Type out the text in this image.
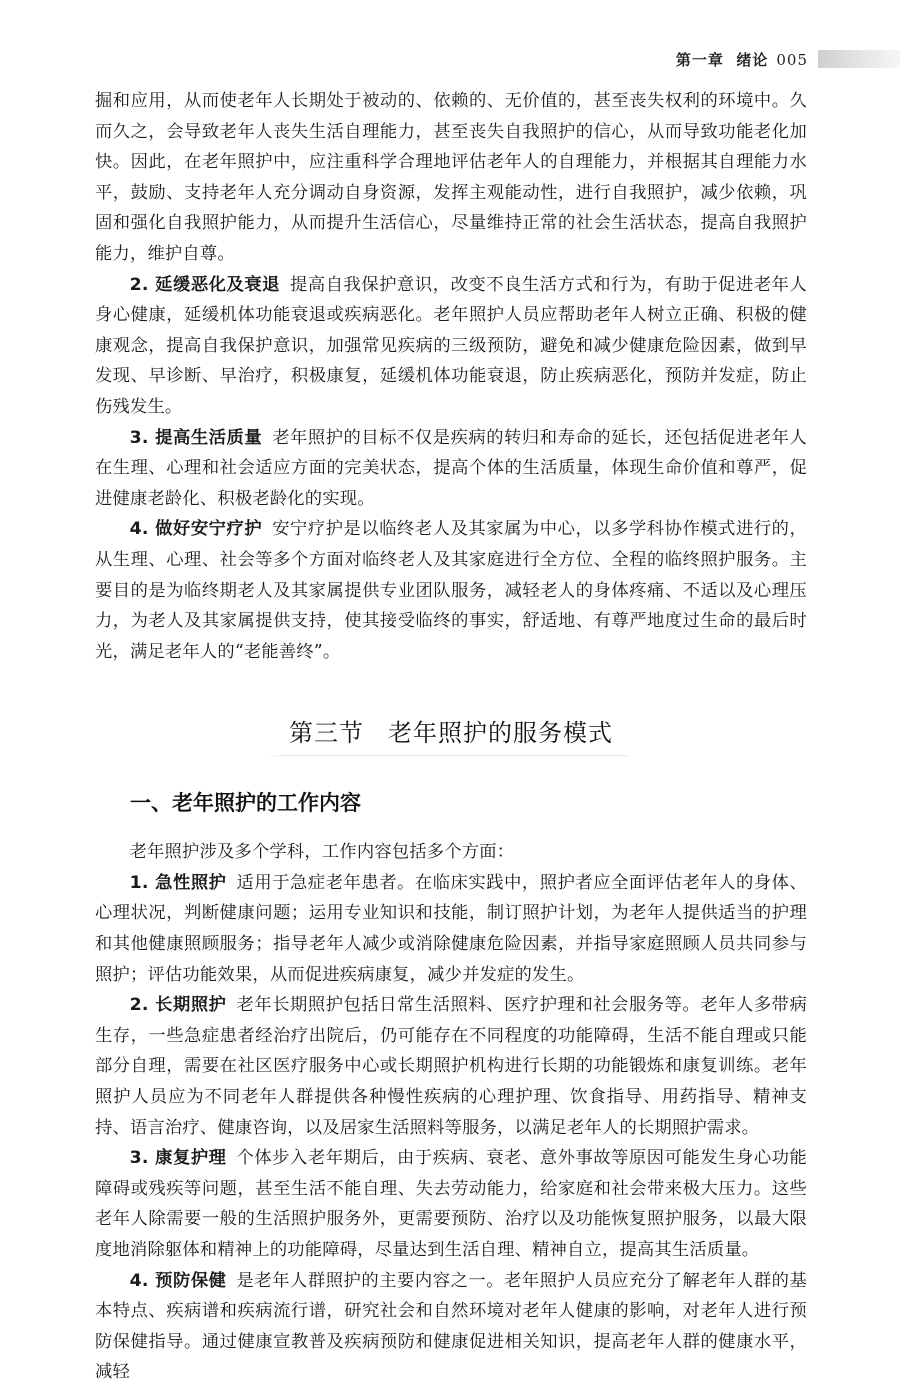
第一章 绪论 005

掘和应用，从而使老年人长期处于被动的、依赖的、无价值的，甚至丧失权利的环境中。久而久之，会导致老年人丧失生活自理能力，甚至丧失自我照护的信心，从而导致功能老化加快。因此，在老年照护中，应注重科学合理地评估老年人的自理能力，并根据其自理能力水平，鼓励、支持老年人充分调动自身资源，发挥主观能动性，进行自我照护，减少依赖，巩固和强化自我照护能力，从而提升生活信心，尽量维持正常的社会生活状态，提高自我照护能力，维护自尊。

2. 延缓恶化及衰退 提高自我保护意识，改变不良生活方式和行为，有助于促进老年人身心健康，延缓机体功能衰退或疾病恶化。老年照护人员应帮助老年人树立正确、积极的健康观念，提高自我保护意识，加强常见疾病的三级预防，避免和减少健康危险因素，做到早发现、早诊断、早治疗，积极康复，延缓机体功能衰退，防止疾病恶化，预防并发症，防止伤残发生。

3. 提高生活质量 老年照护的目标不仅是疾病的转归和寿命的延长，还包括促进老年人在生理、心理和社会适应方面的完美状态，提高个体的生活质量，体现生命价值和尊严，促进健康老龄化、积极老龄化的实现。

4. 做好安宁疗护 安宁疗护是以临终老人及其家属为中心，以多学科协作模式进行的，从生理、心理、社会等多个方面对临终老人及其家庭进行全方位、全程的临终照护服务。主要目的是为临终期老人及其家属提供专业团队服务，减轻老人的身体疼痛、不适以及心理压力，为老人及其家属提供支持，使其接受临终的事实，舒适地、有尊严地度过生命的最后时光，满足老年人的“老能善终”。

第三节 老年照护的服务模式
一、老年照护的工作内容

老年照护涉及多个学科，工作内容包括多个方面：

1. 急性照护 适用于急症老年患者。在临床实践中，照护者应全面评估老年人的身体、心理状况，判断健康问题；运用专业知识和技能，制订照护计划，为老年人提供适当的护理和其他健康照顾服务；指导老年人减少或消除健康危险因素，并指导家庭照顾人员共同参与照护；评估功能效果，从而促进疾病康复，减少并发症的发生。

2. 长期照护 老年长期照护包括日常生活照料、医疗护理和社会服务等。老年人多带病生存，一些急症患者经治疗出院后，仍可能存在不同程度的功能障碍，生活不能自理或只能部分自理，需要在社区医疗服务中心或长期照护机构进行长期的功能锻炼和康复训练。老年照护人员应为不同老年人群提供各种慢性疾病的心理护理、饮食指导、用药指导、精神支持、语言治疗、健康咨询，以及居家生活照料等服务，以满足老年人的长期照护需求。

3. 康复护理 个体步入老年期后，由于疾病、衰老、意外事故等原因可能发生身心功能障碍或残疾等问题，甚至生活不能自理、失去劳动能力，给家庭和社会带来极大压力。这些老年人除需要一般的生活照护服务外，更需要预防、治疗以及功能恢复照护服务，以最大限度地消除躯体和精神上的功能障碍，尽量达到生活自理、精神自立，提高其生活质量。

4. 预防保健 是老年人群照护的主要内容之一。老年照护人员应充分了解老年人群的基本特点、疾病谱和疾病流行谱，研究社会和自然环境对老年人健康的影响，对老年人进行预防保健指导。通过健康宣教普及疾病预防和健康促进相关知识，提高老年人群的健康水平，减轻
